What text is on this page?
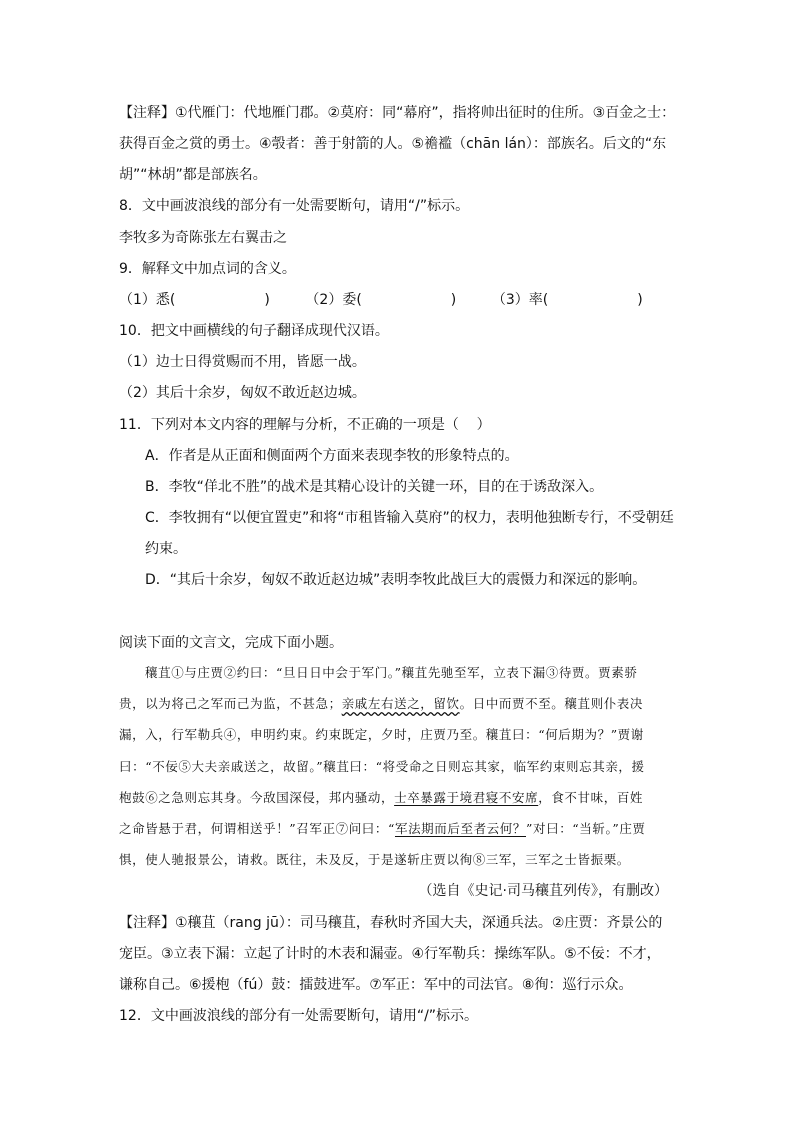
【注释】①代雁门：代地雁门郡。②莫府：同“幕府”，指将帅出征时的住所。③百金之士：
获得百金之赏的勇士。④彀者：善于射箭的人。⑤襜褴（chān lán）：部族名。后文的“东
胡”“林胡”都是部族名。
8．文中画波浪线的部分有一处需要断句，请用“/”标示。
李牧多为奇陈张左右翼击之
9．解释文中加点词的含义。
（1）悉(                    )        （2）委(                    )        （3）率(                    )
10．把文中画横线的句子翻译成现代汉语。
（1）边士日得赏赐而不用，皆愿一战。
（2）其后十余岁，匈奴不敢近赵边城。
11．下列对本文内容的理解与分析，不正确的一项是（    ）
A．作者是从正面和侧面两个方面来表现李牧的形象特点的。
B．李牧“佯北不胜”的战术是其精心设计的关键一环，目的在于诱敌深入。
C．李牧拥有“以便宜置吏”和将“市租皆输入莫府”的权力，表明他独断专行，不受朝廷
约束。
D．“其后十余岁，匈奴不敢近赵边城”表明李牧此战巨大的震慑力和深远的影响。
阅读下面的文言文，完成下面小题。
穰苴①与庄贾②约曰：“旦日日中会于军门。”穰苴先驰至军，立表下漏③待贾。贾素骄
贵，以为将己之军而己为监，不甚急；亲戚左右送之，留饮。日中而贾不至。穰苴则仆表决
漏，入，行军勒兵④，申明约束。约束既定，夕时，庄贾乃至。穰苴曰：“何后期为？”贾谢
曰：“不佞⑤大夫亲戚送之，故留。”穰苴曰：“将受命之日则忘其家，临军约束则忘其亲，援
枹鼓⑥之急则忘其身。今敌国深侵，邦内骚动，士卒暴露于境君寝不安席，食不甘味，百姓
之命皆悬于君，何谓相送乎！”召军正⑦问曰：“军法期而后至者云何？”对曰：“当斩。”庄贾
惧，使人驰报景公，请救。既往，未及反，于是遂斩庄贾以徇⑧三军，三军之士皆振栗。
（选自《史记·司马穰苴列传》，有删改）
【注释】①穰苴（rang jū）：司马穰苴，春秋时齐国大夫，深通兵法。②庄贾：齐景公的
宠臣。③立表下漏：立起了计时的木表和漏壶。④行军勒兵：操练军队。⑤不佞：不才，
谦称自己。⑥援枹（fú）鼓：擂鼓进军。⑦军正：军中的司法官。⑧徇：巡行示众。
12．文中画波浪线的部分有一处需要断句，请用“/”标示。
